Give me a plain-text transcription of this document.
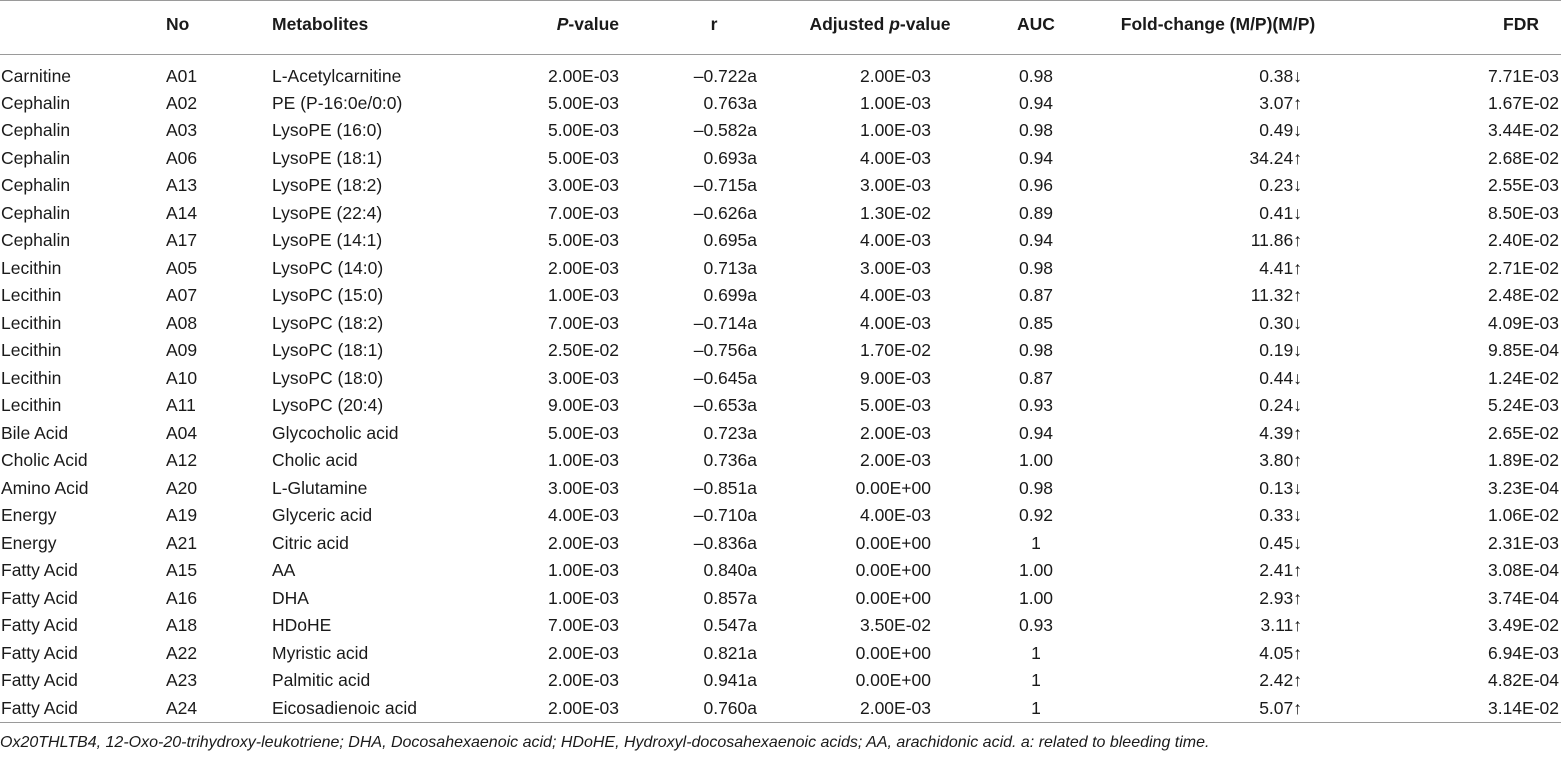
	No	Metabolites	P-value	r	Adjusted p-value	AUC	Fold-change (M/P)(M/P)	FDR
Carnitine	A01	L-Acetylcarnitine	2.00E-03	–0.722a	2.00E-03	0.98	0.38↓	7.71E-03
Cephalin	A02	PE (P-16:0e/0:0)	5.00E-03	0.763a	1.00E-03	0.94	3.07↑	1.67E-02
Cephalin	A03	LysoPE (16:0)	5.00E-03	–0.582a	1.00E-03	0.98	0.49↓	3.44E-02
Cephalin	A06	LysoPE (18:1)	5.00E-03	0.693a	4.00E-03	0.94	34.24↑	2.68E-02
Cephalin	A13	LysoPE (18:2)	3.00E-03	–0.715a	3.00E-03	0.96	0.23↓	2.55E-03
Cephalin	A14	LysoPE (22:4)	7.00E-03	–0.626a	1.30E-02	0.89	0.41↓	8.50E-03
Cephalin	A17	LysoPE (14:1)	5.00E-03	0.695a	4.00E-03	0.94	11.86↑	2.40E-02
Lecithin	A05	LysoPC (14:0)	2.00E-03	0.713a	3.00E-03	0.98	4.41↑	2.71E-02
Lecithin	A07	LysoPC (15:0)	1.00E-03	0.699a	4.00E-03	0.87	11.32↑	2.48E-02
Lecithin	A08	LysoPC (18:2)	7.00E-03	–0.714a	4.00E-03	0.85	0.30↓	4.09E-03
Lecithin	A09	LysoPC (18:1)	2.50E-02	–0.756a	1.70E-02	0.98	0.19↓	9.85E-04
Lecithin	A10	LysoPC (18:0)	3.00E-03	–0.645a	9.00E-03	0.87	0.44↓	1.24E-02
Lecithin	A11	LysoPC (20:4)	9.00E-03	–0.653a	5.00E-03	0.93	0.24↓	5.24E-03
Bile Acid	A04	Glycocholic acid	5.00E-03	0.723a	2.00E-03	0.94	4.39↑	2.65E-02
Cholic Acid	A12	Cholic acid	1.00E-03	0.736a	2.00E-03	1.00	3.80↑	1.89E-02
Amino Acid	A20	L-Glutamine	3.00E-03	–0.851a	0.00E+00	0.98	0.13↓	3.23E-04
Energy	A19	Glyceric acid	4.00E-03	–0.710a	4.00E-03	0.92	0.33↓	1.06E-02
Energy	A21	Citric acid	2.00E-03	–0.836a	0.00E+00	1	0.45↓	2.31E-03
Fatty Acid	A15	AA	1.00E-03	0.840a	0.00E+00	1.00	2.41↑	3.08E-04
Fatty Acid	A16	DHA	1.00E-03	0.857a	0.00E+00	1.00	2.93↑	3.74E-04
Fatty Acid	A18	HDoHE	7.00E-03	0.547a	3.50E-02	0.93	3.11↑	3.49E-02
Fatty Acid	A22	Myristic acid	2.00E-03	0.821a	0.00E+00	1	4.05↑	6.94E-03
Fatty Acid	A23	Palmitic acid	2.00E-03	0.941a	0.00E+00	1	2.42↑	4.82E-04
Fatty Acid	A24	Eicosadienoic acid	2.00E-03	0.760a	2.00E-03	1	5.07↑	3.14E-02
Ox20THLTB4, 12-Oxo-20-trihydroxy-leukotriene; DHA, Docosahexaenoic acid; HDoHE, Hydroxyl-docosahexaenoic acids; AA, arachidonic acid. a: related to bleeding time.
